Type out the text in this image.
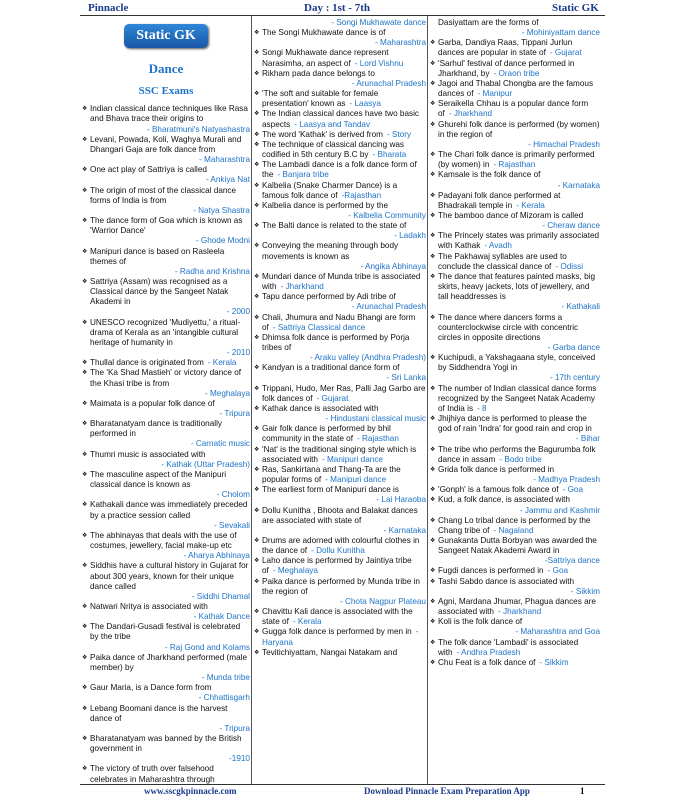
Pinnacle	Day : 1st - 7th	Static GK
Static GK
Dance
SSC Exams
❖ Indian classical dance techniques like Rasa and Bhava trace their origins to
- Bharatmuni's Natyashastra
❖ Levani, Powada, Koli, Waghya Murali and Dhangari Gaja are folk dance from
- Maharashtra
❖ One act play of Sattriya is called
- Ankiya Nat
❖ The origin of most of the classical dance forms of India is from
- Natya Shastra
❖ The dance form of Goa which is known as 'Warrior Dance'
- Ghode Modni
❖ Manipuri dance is based on Rasleela themes of
- Radha and Krishna
❖ Sattriya (Assam) was recognised as a Classical dance by the Sangeet Natak Akademi in
- 2000
❖ UNESCO recognized 'Mudiyettu,' a ritual-drama of Kerala as an 'intangible cultural heritage of humanity in
- 2010
❖ Thullal dance is originated from - Kerala
❖ The 'Ka Shad Mastieh' or victory dance of the Khasi tribe is from
- Meghalaya
❖ Maimata is a popular folk dance of
- Tripura
❖ Bharatanatyam dance is traditionally performed in
- Carnatic music
❖ Thumri music is associated with
- Kathak (Uttar Pradesh)
❖ The masculine aspect of the Manipuri classical dance is known as
- Cholom
❖ Kathakali dance was immediately preceded by a practice session called
- Sevakali
❖ The abhinayas that deals with the use of costumes, jewellery, facial make-up etc
- Aharya Abhinaya
❖ Siddhis have a cultural history in Gujarat for about 300 years, known for their unique dance called
- Siddhi Dhamal
❖ Natwari Nritya is associated with
- Kathak Dance
❖ The Dandari-Gusadi festival is celebrated by the tribe
- Raj Gond and Kolams
❖ Paika dance of Jharkhand performed (male member) by
- Munda tribe
❖ Gaur Maria, is a Dance form from
- Chhattisgarh
❖ Lebang Boomani dance is the harvest dance of
- Tripura
❖ Bharatanatyam was banned by the British government in
-1910
❖ The victory of truth over falsehood celebrates in Maharashtra through
- Songi Mukhawate dance
❖ The Songi Mukhawate dance is of
- Maharashtra
❖ Songi Mukhawate dance represent Narasimha, an aspect of - Lord Vishnu
❖ Rikham pada dance belongs to
- Arunachal Pradesh
❖ 'The soft and suitable for female presentation' known as - Laasya
❖ The Indian classical dances have two basic aspects - Laasya and Tandav
❖ The word 'Kathak' is derived from - Story
❖ The technique of classical dancing was codified in 5th century B.C by - Bharata
❖ The Lambadi dance is a folk dance form of the - Banjara tribe
❖ Kalbelia (Snake Charmer Dance) is a famous folk dance of -Rajasthan
❖ Kalbelia dance is performed by the
- Kalbelia Community
❖ The Balti dance is related to the state of
- Ladakh
❖ Conveying the meaning through body movements is known as
- Angika Abhinaya
❖ Mundari dance of Munda tribe is associated with - Jharkhand
❖ Tapu dance performed by Adi tribe of
- Arunachal Pradesh
❖ Chali, Jhumura and Nadu Bhangi are form of - Sattriya Classical dance
❖ Dhimsa folk dance is performed by Porja tribes of
- Araku valley (Andhra Pradesh)
❖ Kandyan is a traditional dance form of
- Sri Lanka
❖ Trippani, Hudo, Mer Ras, Palli Jag Garbo are folk dances of - Gujarat
❖ Kathak dance is associated with
- Hindustani classical music
❖ Gair folk dance is performed by bhil community in the state of - Rajasthan
❖ 'Nat' is the traditional singing style which is associated with - Manipuri dance
❖ Ras, Sankirtana and Thang-Ta are the popular forms of - Manipuri dance
❖ The earliest form of Manipuri dance is
- Lai Haraoba
❖ Dollu Kunitha , Bhoota and Balakat dances are associated with state of
- Karnataka
❖ Drums are adorned with colourful clothes in the dance of - Dollu Kunitha
❖ Laho dance is performed by Jaintiya tribe of - Meghalaya
❖ Paika dance is performed by Munda tribe in the region of
- Chota Nagpur Plateau
❖ Chavittu Kali dance is associated with the state of - Kerala
❖ Gugga folk dance is performed by men in - Haryana
❖ Tevitichiyattam, Nangai Natakam and
Dasiyattam are the forms of
- Mohiniyattam dance
❖ Garba, Dandiya Raas, Tippani Jurlun dances are popular in state of - Gujarat
❖ 'Sarhul' festival of dance performed in Jharkhand, by - Oraon tribe
❖ Jagoi and Thabal Chongba are the famous dances of - Manipur
❖ Seraikella Chhau is a popular dance form of - Jharkhand
❖ Ghurehi folk dance is performed (by women) in the region of
- Himachal Pradesh
❖ The Chari folk dance is primarily performed (by women) in - Rajasthan
❖ Kamsale is the folk dance of
- Karnataka
❖ Padayani folk dance performed at Bhadrakali temple in - Kerala
❖ The bamboo dance of Mizoram is called
- Cheraw dance
❖ The Princely states was primarily associated with Kathak - Avadh
❖ The Pakhawaj syllables are used to conclude the classical dance of - Odissi
❖ The dance that features painted masks, big skirts, heavy jackets, lots of jewellery, and tall headdresses is
- Kathakali
❖ The dance where dancers forms a counterclockwise circle with concentric circles in opposite directions
- Garba dance
❖ Kuchipudi, a Yakshagaana style, conceived by Siddhendra Yogi in
- 17th century
❖ The number of Indian classical dance forms recognized by the Sangeet Natak Academy of India is - 8
❖ Jhijhiya dance is performed to please the god of rain 'Indra' for good rain and crop in
- Bihar
❖ The tribe who performs the Bagurumba folk dance in assam - Bodo tribe
❖ Grida folk dance is performed in
- Madhya Pradesh
❖ 'Gonph' is a famous folk dance of - Goa
❖ Kud, a folk dance, is associated with
- Jammu and Kashmir
❖ Chang Lo tribal dance is performed by the Chang tribe of - Nagaland
❖ Gunakanta Dutta Borbyan was awarded the Sangeet Natak Akademi Award in
-Sattriya dance
❖ Fugdi dances is performed in - Goa
❖ Tashi Sabdo dance is associated with
- Sikkim
❖ Agni, Mardana Jhumar, Phagua dances are associated with - Jharkhand
❖ Koli is the folk dance of
- Maharashtra and Goa
❖ The folk dance 'Lambadi' is associated with - Andhra Pradesh
❖ Chu Feat is a folk dance of - Sikkim
www.sscgkpinnacle.com	Download Pinnacle Exam Preparation App	1
